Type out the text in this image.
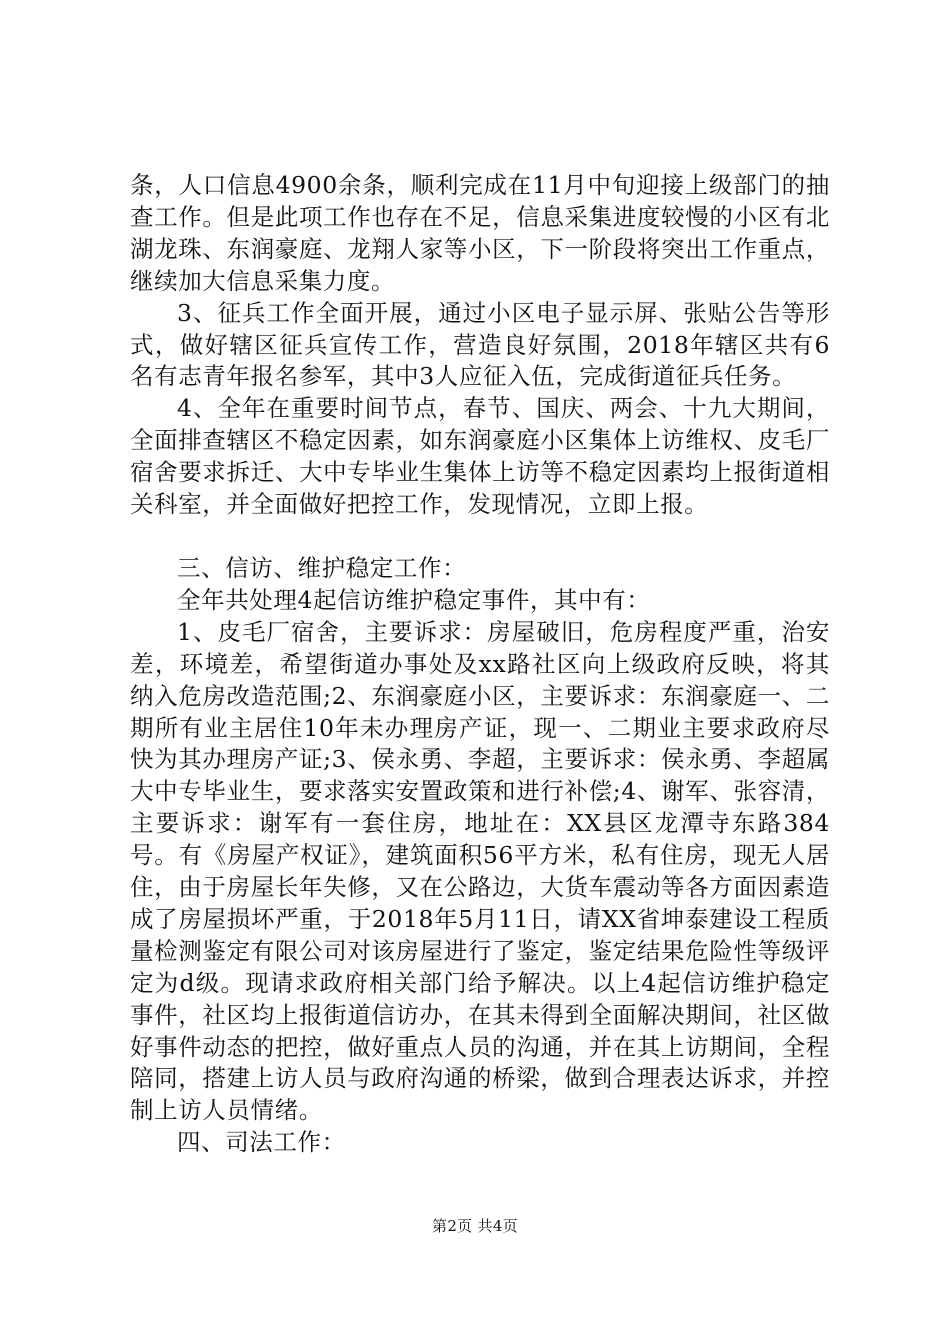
条，人口信息4900余条，顺利完成在11月中旬迎接上级部门的抽查工作。但是此项工作也存在不足，信息采集进度较慢的小区有北湖龙珠、东润豪庭、龙翔人家等小区，下一阶段将突出工作重点，继续加大信息采集力度。

3、征兵工作全面开展，通过小区电子显示屏、张贴公告等形式，做好辖区征兵宣传工作，营造良好氛围，2018年辖区共有6名有志青年报名参军，其中3人应征入伍，完成街道征兵任务。

4、全年在重要时间节点，春节、国庆、两会、十九大期间，全面排查辖区不稳定因素，如东润豪庭小区集体上访维权、皮毛厂宿舍要求拆迁、大中专毕业生集体上访等不稳定因素均上报街道相关科室，并全面做好把控工作，发现情况，立即上报。

三、信访、维护稳定工作：

全年共处理4起信访维护稳定事件，其中有：

1、皮毛厂宿舍，主要诉求：房屋破旧，危房程度严重，治安差，环境差，希望街道办事处及xx路社区向上级政府反映，将其纳入危房改造范围;2、东润豪庭小区，主要诉求：东润豪庭一、二期所有业主居住10年未办理房产证，现一、二期业主要求政府尽快为其办理房产证;3、侯永勇、李超，主要诉求：侯永勇、李超属大中专毕业生，要求落实安置政策和进行补偿;4、谢军、张容清，主要诉求：谢军有一套住房，地址在：XX县区龙潭寺东路384号。有《房屋产权证》，建筑面积56平方米，私有住房，现无人居住，由于房屋长年失修，又在公路边，大货车震动等各方面因素造成了房屋损坏严重，于2018年5月11日，请XX省坤泰建设工程质量检测鉴定有限公司对该房屋进行了鉴定，鉴定结果危险性等级评定为d级。现请求政府相关部门给予解决。以上4起信访维护稳定事件，社区均上报街道信访办，在其未得到全面解决期间，社区做好事件动态的把控，做好重点人员的沟通，并在其上访期间，全程陪同，搭建上访人员与政府沟通的桥梁，做到合理表达诉求，并控制上访人员情绪。

四、司法工作：

第2页 共4页
